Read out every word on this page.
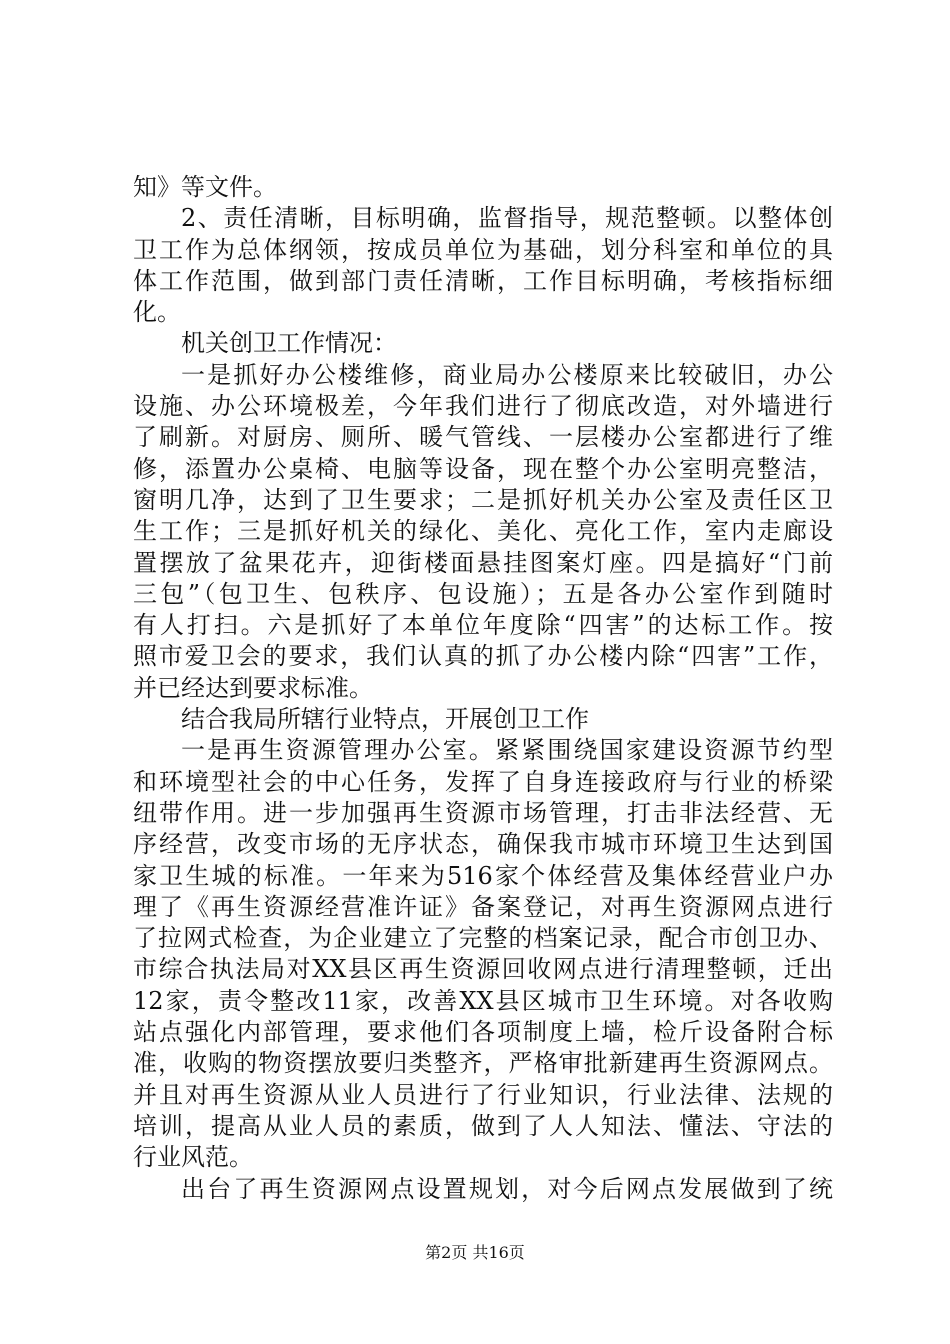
知》等文件。
2、责任清晰，目标明确，监督指导，规范整顿。以整体创
卫工作为总体纲领，按成员单位为基础，划分科室和单位的具
体工作范围，做到部门责任清晰，工作目标明确，考核指标细
化。
机关创卫工作情况：
一是抓好办公楼维修，商业局办公楼原来比较破旧，办公
设施、办公环境极差，今年我们进行了彻底改造，对外墙进行
了刷新。对厨房、厕所、暖气管线、一层楼办公室都进行了维
修，添置办公桌椅、电脑等设备，现在整个办公室明亮整洁，
窗明几净，达到了卫生要求；二是抓好机关办公室及责任区卫
生工作；三是抓好机关的绿化、美化、亮化工作，室内走廊设
置摆放了盆果花卉，迎街楼面悬挂图案灯座。四是搞好“门前
三包”（包卫生、包秩序、包设施）；五是各办公室作到随时
有人打扫。六是抓好了本单位年度除“四害”的达标工作。按
照市爱卫会的要求，我们认真的抓了办公楼内除“四害”工作，
并已经达到要求标准。
结合我局所辖行业特点，开展创卫工作
一是再生资源管理办公室。紧紧围绕国家建设资源节约型
和环境型社会的中心任务，发挥了自身连接政府与行业的桥梁
纽带作用。进一步加强再生资源市场管理，打击非法经营、无
序经营，改变市场的无序状态，确保我市城市环境卫生达到国
家卫生城的标准。一年来为516家个体经营及集体经营业户办
理了《再生资源经营准许证》备案登记，对再生资源网点进行
了拉网式检查，为企业建立了完整的档案记录，配合市创卫办、
市综合执法局对XX县区再生资源回收网点进行清理整顿，迁出
12家，责令整改11家，改善XX县区城市卫生环境。对各收购
站点强化内部管理，要求他们各项制度上墙，检斤设备附合标
准，收购的物资摆放要归类整齐，严格审批新建再生资源网点。
并且对再生资源从业人员进行了行业知识，行业法律、法规的
培训，提高从业人员的素质，做到了人人知法、懂法、守法的
行业风范。
出台了再生资源网点设置规划，对今后网点发展做到了统
第2页 共16页
